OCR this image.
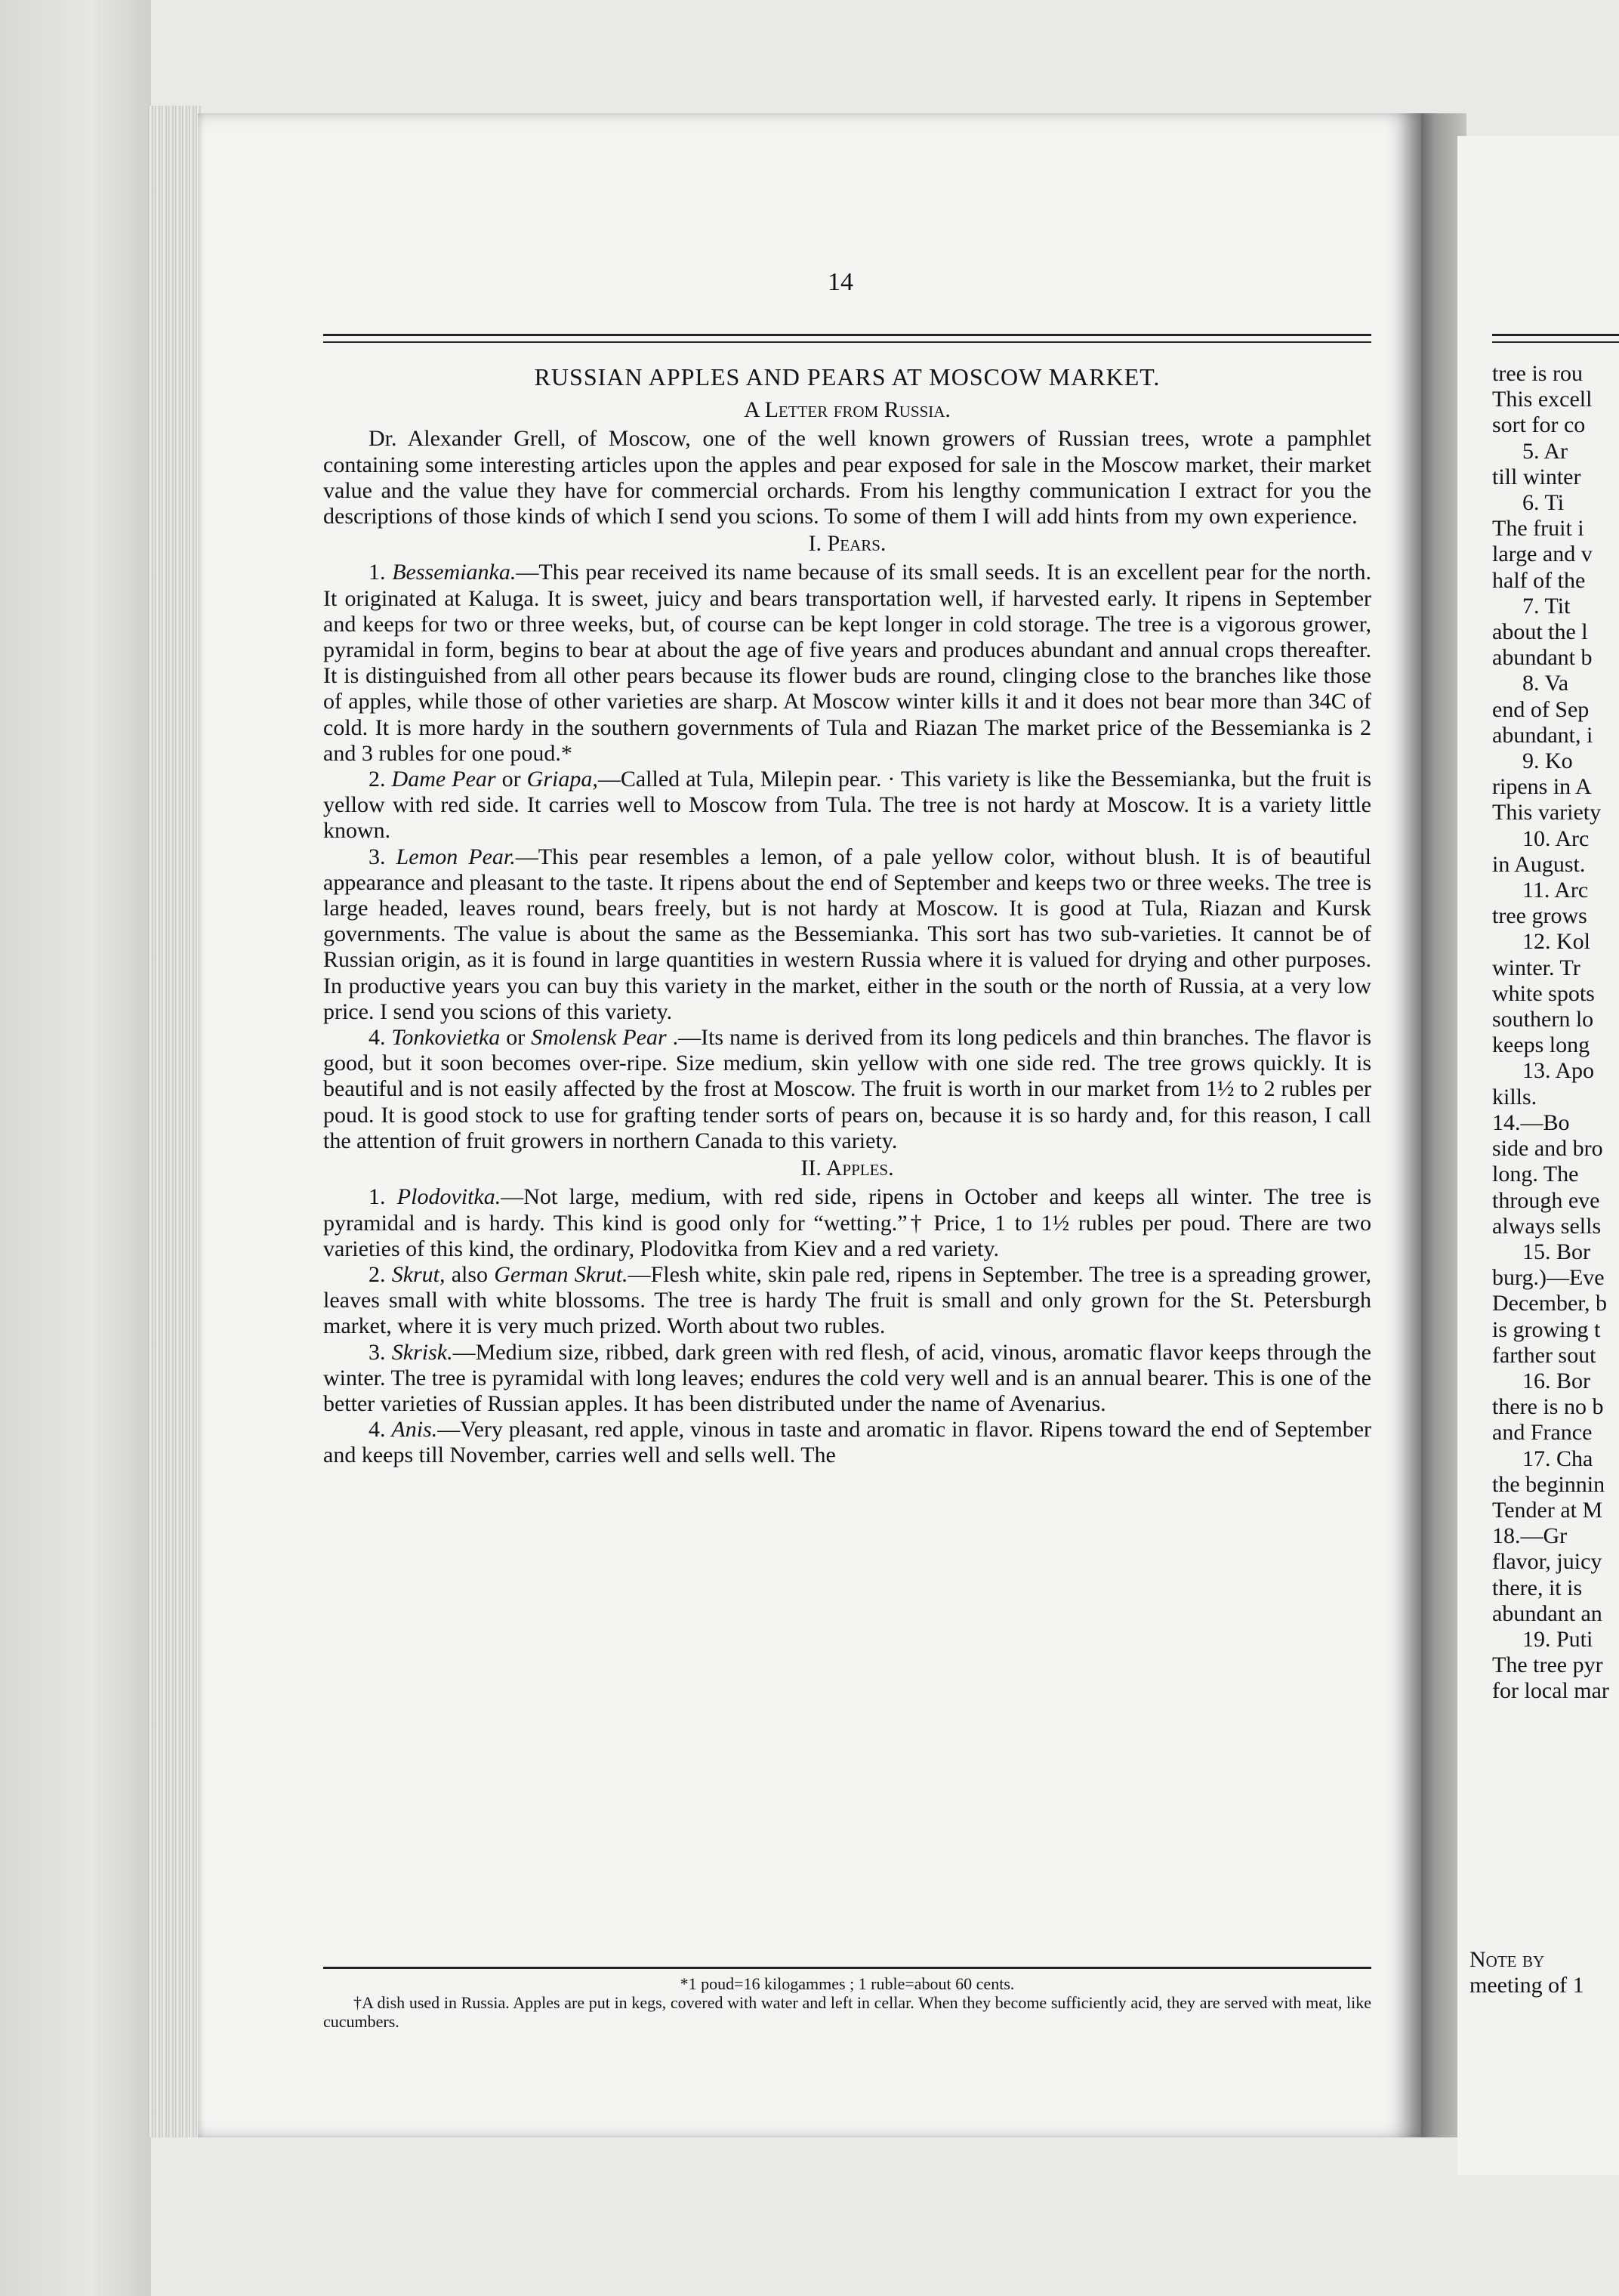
14

RUSSIAN APPLES AND PEARS AT MOSCOW MARKET.

A Letter from Russia.

Dr. Alexander Grell, of Moscow, one of the well known growers of Russian trees, wrote a pamphlet containing some interesting articles upon the apples and pear exposed for sale in the Moscow market, their market value and the value they have for commercial orchards. From his lengthy communication I extract for you the descriptions of those kinds of which I send you scions. To some of them I will add hints from my own experience.

I. Pears.

1. Bessemianka.—This pear received its name because of its small seeds. It is an excellent pear for the north. It originated at Kaluga. It is sweet, juicy and bears transportation well, if harvested early. It ripens in September and keeps for two or three weeks, but, of course can be kept longer in cold storage. The tree is a vigorous grower, pyramidal in form, begins to bear at about the age of five years and produces abundant and annual crops thereafter. It is distinguished from all other pears because its flower buds are round, clinging close to the branches like those of apples, while those of other varieties are sharp. At Moscow winter kills it and it does not bear more than 34C of cold. It is more hardy in the southern governments of Tula and Riazan The market price of the Bessemianka is 2 and 3 rubles for one poud.*

2. Dame Pear or Griapa,—Called at Tula, Milepin pear. · This variety is like the Bessemianka, but the fruit is yellow with red side. It carries well to Moscow from Tula. The tree is not hardy at Moscow. It is a variety little known.

3. Lemon Pear.—This pear resembles a lemon, of a pale yellow color, without blush. It is of beautiful appearance and pleasant to the taste. It ripens about the end of September and keeps two or three weeks. The tree is large headed, leaves round, bears freely, but is not hardy at Moscow. It is good at Tula, Riazan and Kursk governments. The value is about the same as the Bessemianka. This sort has two sub-varieties. It cannot be of Russian origin, as it is found in large quantities in western Russia where it is valued for drying and other purposes. In productive years you can buy this variety in the market, either in the south or the north of Russia, at a very low price. I send you scions of this variety.

4. Tonkovietka or Smolensk Pear .—Its name is derived from its long pedicels and thin branches. The flavor is good, but it soon becomes over-ripe. Size medium, skin yellow with one side red. The tree grows quickly. It is beautiful and is not easily affected by the frost at Moscow. The fruit is worth in our market from 1½ to 2 rubles per poud. It is good stock to use for grafting tender sorts of pears on, because it is so hardy and, for this reason, I call the attention of fruit growers in northern Canada to this variety.

II. Apples.

1. Plodovitka.—Not large, medium, with red side, ripens in October and keeps all winter. The tree is pyramidal and is hardy. This kind is good only for “wetting.”† Price, 1 to 1½ rubles per poud. There are two varieties of this kind, the ordinary, Plodovitka from Kiev and a red variety.

2. Skrut, also German Skrut.—Flesh white, skin pale red, ripens in September. The tree is a spreading grower, leaves small with white blossoms. The tree is hardy The fruit is small and only grown for the St. Petersburgh market, where it is very much prized. Worth about two rubles.

3. Skrisk.—Medium size, ribbed, dark green with red flesh, of acid, vinous, aromatic flavor keeps through the winter. The tree is pyramidal with long leaves; endures the cold very well and is an annual bearer. This is one of the better varieties of Russian apples. It has been distributed under the name of Avenarius.

4. Anis.—Very pleasant, red apple, vinous in taste and aromatic in flavor. Ripens toward the end of September and keeps till November, carries well and sells well. The

*1 poud=16 kilogammes ; 1 ruble=about 60 cents.

†A dish used in Russia. Apples are put in kegs, covered with water and left in cellar. When they become sufficiently acid, they are served with meat, like cucumbers.

tree is rou

This excell

sort for co

5. Ar

till winter

6. Ti

The fruit i

large and v

half of the

7. Tit

about the l

abundant b

8. Va

end of Sep

abundant, i

9. Ko

ripens in A

This variety

10. Arc

in August.

11. Arc

tree grows

12. Kol

winter. Tr

white spots

southern lo

keeps long

13. Apo

kills.

14.—Bo

side and bro

long. The

through eve

always sells

15. Bor

burg.)—Eve

December, b

is growing t

farther sout

16. Bor

there is no b

and France

17. Cha

the beginnin

Tender at M

18.—Gr

flavor, juicy

there, it is

abundant an

19. Puti

The tree pyr

for local mar

Note by

meeting of 1
